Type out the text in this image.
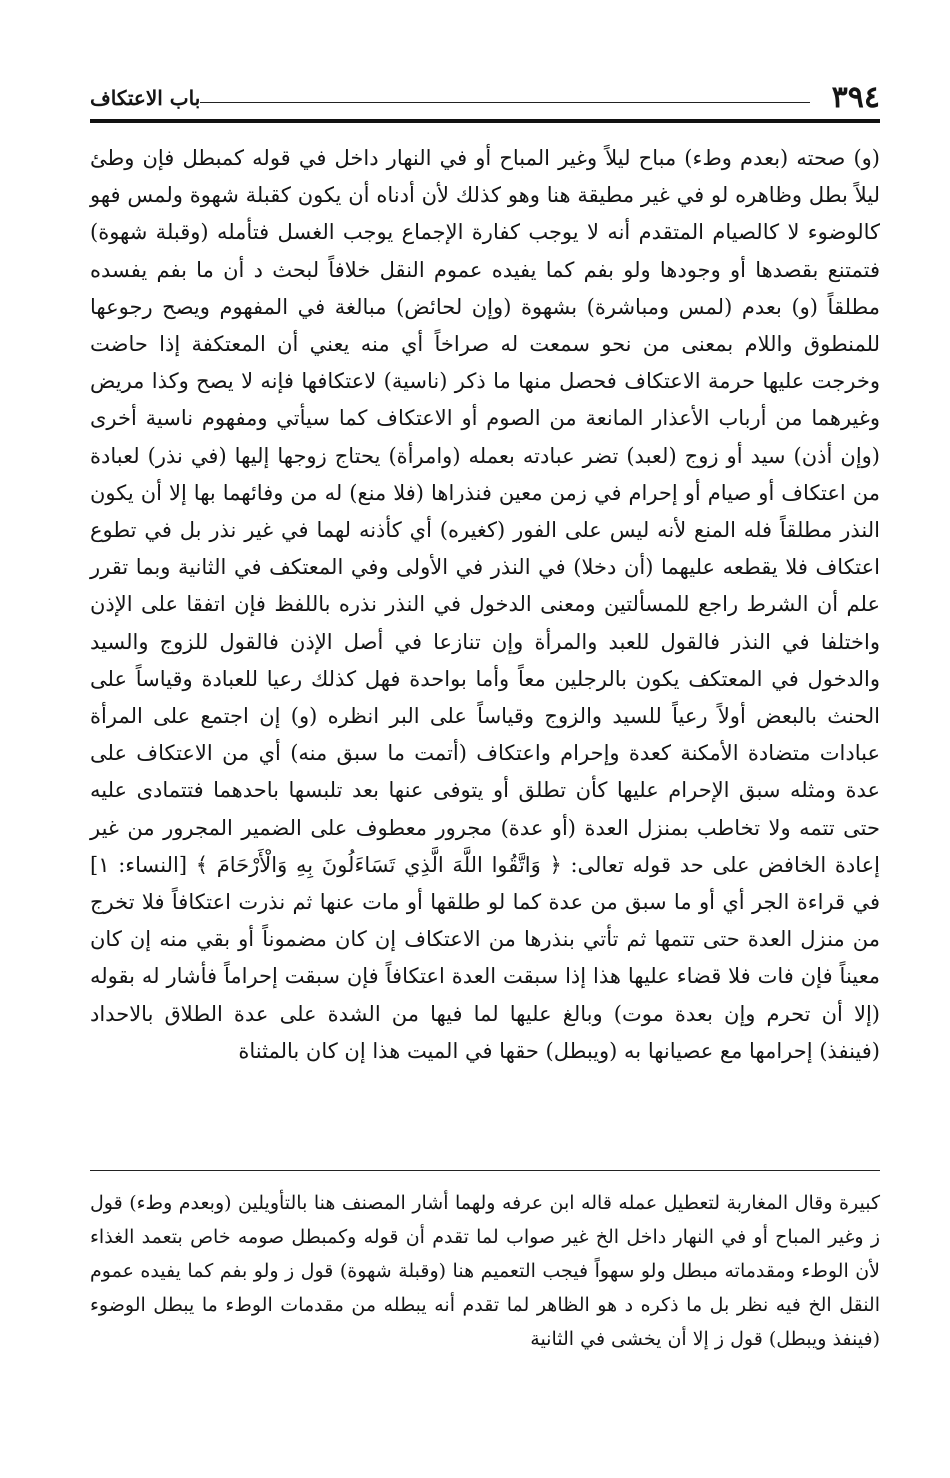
٣٩٤
باب الاعتكاف

(و) صحته (بعدم وطء) مباح ليلاً وغير المباح أو في النهار داخل في قوله كمبطل فإن وطئ ليلاً بطل وظاهره لو في غير مطيقة هنا وهو كذلك لأن أدناه أن يكون كقبلة شهوة ولمس فهو كالوضوء لا كالصيام المتقدم أنه لا يوجب كفارة الإجماع يوجب الغسل فتأمله (وقبلة شهوة) فتمتنع بقصدها أو وجودها ولو بفم كما يفيده عموم النقل خلافاً لبحث د أن ما بفم يفسده مطلقاً (و) بعدم (لمس ومباشرة) بشهوة (وإن لحائض) مبالغة في المفهوم ويصح رجوعها للمنطوق واللام بمعنى من نحو سمعت له صراخاً أي منه يعني أن المعتكفة إذا حاضت وخرجت عليها حرمة الاعتكاف فحصل منها ما ذكر (ناسية) لاعتكافها فإنه لا يصح وكذا مريض وغيرهما من أرباب الأعذار المانعة من الصوم أو الاعتكاف كما سيأتي ومفهوم ناسية أخرى (وإن أذن) سيد أو زوج (لعبد) تضر عبادته بعمله (وامرأة) يحتاج زوجها إليها (في نذر) لعبادة من اعتكاف أو صيام أو إحرام في زمن معين فنذراها (فلا منع) له من وفائهما بها إلا أن يكون النذر مطلقاً فله المنع لأنه ليس على الفور (كغيره) أي كأذنه لهما في غير نذر بل في تطوع اعتكاف فلا يقطعه عليهما (أن دخلا) في النذر في الأولى وفي المعتكف في الثانية وبما تقرر علم أن الشرط راجع للمسألتين ومعنى الدخول في النذر نذره باللفظ فإن اتفقا على الإذن واختلفا في النذر فالقول للعبد والمرأة وإن تنازعا في أصل الإذن فالقول للزوج والسيد والدخول في المعتكف يكون بالرجلين معاً وأما بواحدة فهل كذلك رعيا للعبادة وقياساً على الحنث بالبعض أولاً رعياً للسيد والزوج وقياساً على البر انظره (و) إن اجتمع على المرأة عبادات متضادة الأمكنة كعدة وإحرام واعتكاف (أتمت ما سبق منه) أي من الاعتكاف على عدة ومثله سبق الإحرام عليها كأن تطلق أو يتوفى عنها بعد تلبسها باحدهما فتتمادى عليه حتى تتمه ولا تخاطب بمنزل العدة (أو عدة) مجرور معطوف على الضمير المجرور من غير إعادة الخافض على حد قوله تعالى: ﴿ وَاتَّقُوا اللَّهَ الَّذِي تَسَاءَلُونَ بِهِ وَالْأَرْحَامَ ﴾ [النساء: ١] في قراءة الجر أي أو ما سبق من عدة كما لو طلقها أو مات عنها ثم نذرت اعتكافاً فلا تخرج من منزل العدة حتى تتمها ثم تأتي بنذرها من الاعتكاف إن كان مضموناً أو بقي منه إن كان معيناً فإن فات فلا قضاء عليها هذا إذا سبقت العدة اعتكافاً فإن سبقت إحراماً فأشار له بقوله (إلا أن تحرم وإن بعدة موت) وبالغ عليها لما فيها من الشدة على عدة الطلاق بالاحداد (فينفذ) إحرامها مع عصيانها به (ويبطل) حقها في الميت هذا إن كان بالمثناة

كبيرة وقال المغاربة لتعطيل عمله قاله ابن عرفه ولهما أشار المصنف هنا بالتأويلين (وبعدم وطء) قول ز وغير المباح أو في النهار داخل الخ غير صواب لما تقدم أن قوله وكمبطل صومه خاص بتعمد الغذاء لأن الوطء ومقدماته مبطل ولو سهواً فيجب التعميم هنا (وقبلة شهوة) قول ز ولو بفم كما يفيده عموم النقل الخ فيه نظر بل ما ذكره د هو الظاهر لما تقدم أنه يبطله من مقدمات الوطء ما يبطل الوضوء (فينفذ ويبطل) قول ز إلا أن يخشى في الثانية
